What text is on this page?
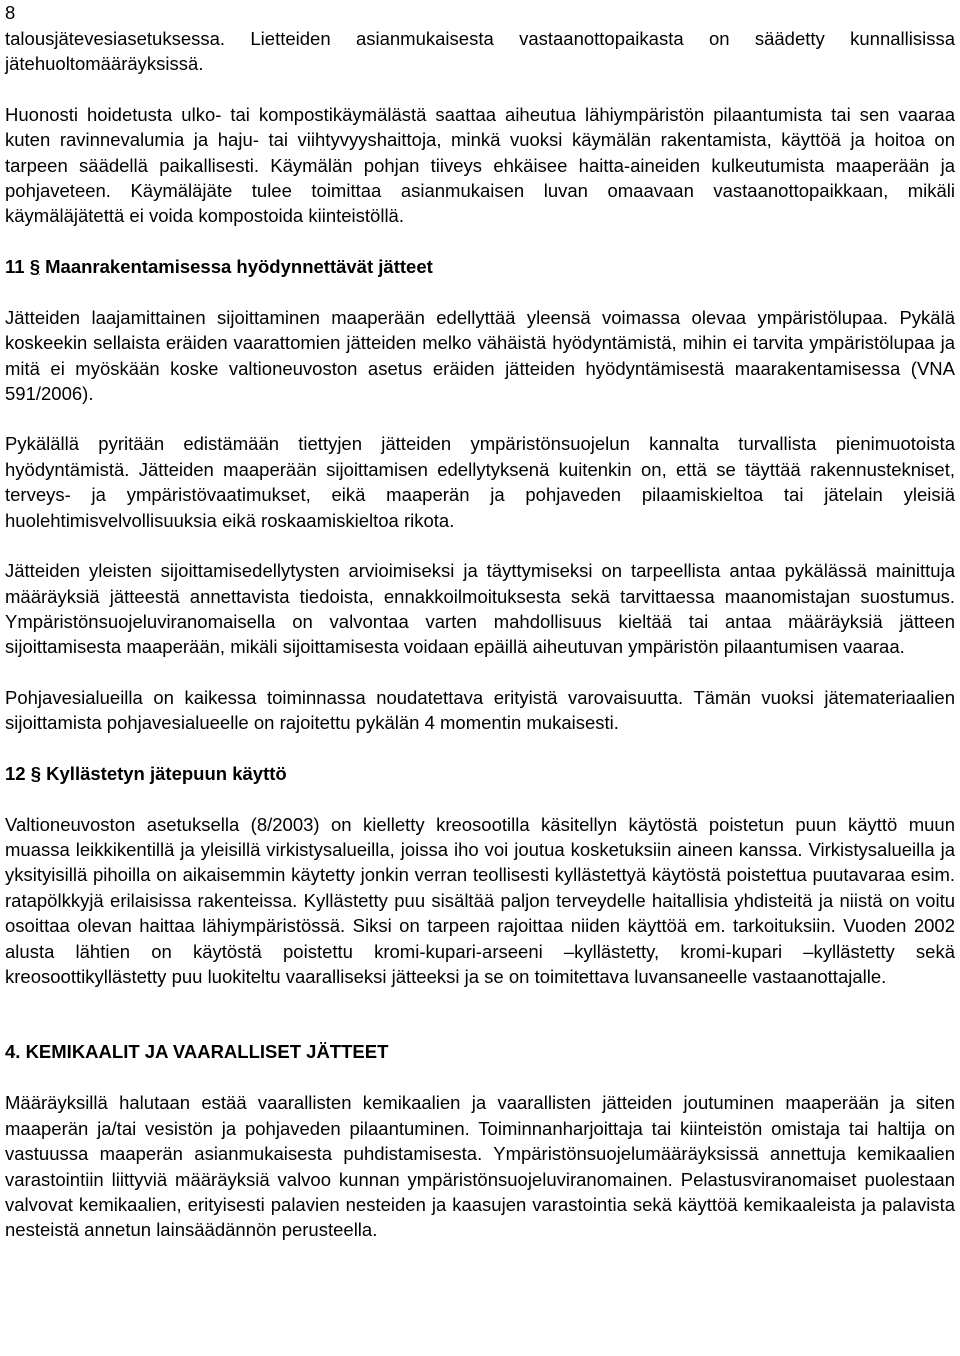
8

talousjätevesiasetuksessa. Lietteiden asianmukaisesta vastaanottopaikasta on säädetty kunnallisissa jätehuoltomääräyksissä.

Huonosti hoidetusta ulko- tai kompostikäymälästä saattaa aiheutua lähiympäristön pilaantumista tai sen vaaraa kuten ravinnevalumia ja haju- tai viihtyvyyshaittoja, minkä vuoksi käymälän rakentamista, käyttöä ja hoitoa on tarpeen säädellä paikallisesti. Käymälän pohjan tiiveys ehkäisee haitta-aineiden kulkeutumista maaperään ja pohjaveteen. Käymäläjäte tulee toimittaa asianmukaisen luvan omaavaan vastaanottopaikkaan, mikäli käymäläjätettä ei voida kompostoida kiinteistöllä.

11 § Maanrakentamisessa hyödynnettävät jätteet

Jätteiden laajamittainen sijoittaminen maaperään edellyttää yleensä voimassa olevaa ympäristölupaa. Pykälä koskeekin sellaista eräiden vaarattomien jätteiden melko vähäistä hyödyntämistä, mihin ei tarvita ympäristölupaa ja mitä ei myöskään koske valtioneuvoston asetus eräiden jätteiden hyödyntämisestä maarakentamisessa (VNA 591/2006).

Pykälällä pyritään edistämään tiettyjen jätteiden ympäristönsuojelun kannalta turvallista pienimuotoista hyödyntämistä. Jätteiden maaperään sijoittamisen edellytyksenä kuitenkin on, että se täyttää rakennustekniset, terveys- ja ympäristövaatimukset, eikä maaperän ja pohjaveden pilaamiskieltoa tai jätelain yleisiä huolehtimisvelvollisuuksia eikä roskaamiskieltoa rikota.

Jätteiden yleisten sijoittamisedellytysten arvioimiseksi ja täyttymiseksi on tarpeellista antaa pykälässä mainittuja määräyksiä jätteestä annettavista tiedoista, ennakkoilmoituksesta sekä tarvittaessa maanomistajan suostumus. Ympäristönsuojeluviranomaisella on valvontaa varten mahdollisuus kieltää tai antaa määräyksiä jätteen sijoittamisesta maaperään, mikäli sijoittamisesta voidaan epäillä aiheutuvan ympäristön pilaantumisen vaaraa.

Pohjavesialueilla on kaikessa toiminnassa noudatettava erityistä varovaisuutta. Tämän vuoksi jätemateriaalien sijoittamista pohjavesialueelle on rajoitettu pykälän 4 momentin mukaisesti.

12 § Kyllästetyn jätepuun käyttö

Valtioneuvoston asetuksella (8/2003) on kielletty kreosootilla käsitellyn käytöstä poistetun puun käyttö muun muassa leikkikentillä ja yleisillä virkistysalueilla, joissa iho voi joutua kosketuksiin aineen kanssa. Virkistysalueilla ja yksityisillä pihoilla on aikaisemmin käytetty jonkin verran teollisesti kyllästettyä käytöstä poistettua puutavaraa esim. ratapölkkyjä erilaisissa rakenteissa. Kyllästetty puu sisältää paljon terveydelle haitallisia yhdisteitä ja niistä on voitu osoittaa olevan haittaa lähiympäristössä. Siksi on tarpeen rajoittaa niiden käyttöä em. tarkoituksiin. Vuoden 2002 alusta lähtien on käytöstä poistettu kromi-kupari-arseeni –kyllästetty, kromi-kupari –kyllästetty sekä kreosoottikyllästetty puu luokiteltu vaaralliseksi jätteeksi ja se on toimitettava luvansaneelle vastaanottajalle.

4. KEMIKAALIT JA VAARALLISET JÄTTEET

Määräyksillä halutaan estää vaarallisten kemikaalien ja vaarallisten jätteiden joutuminen maaperään ja siten maaperän ja/tai vesistön ja pohjaveden pilaantuminen. Toiminnanharjoittaja tai kiinteistön omistaja tai haltija on vastuussa maaperän asianmukaisesta puhdistamisesta. Ympäristönsuojelumääräyksissä annettuja kemikaalien varastointiin liittyviä määräyksiä valvoo kunnan ympäristönsuojeluviranomainen. Pelastusviranomaiset puolestaan valvovat kemikaalien, erityisesti palavien nesteiden ja kaasujen varastointia sekä käyttöä kemikaaleista ja palavista nesteistä annetun lainsäädännön perusteella.
